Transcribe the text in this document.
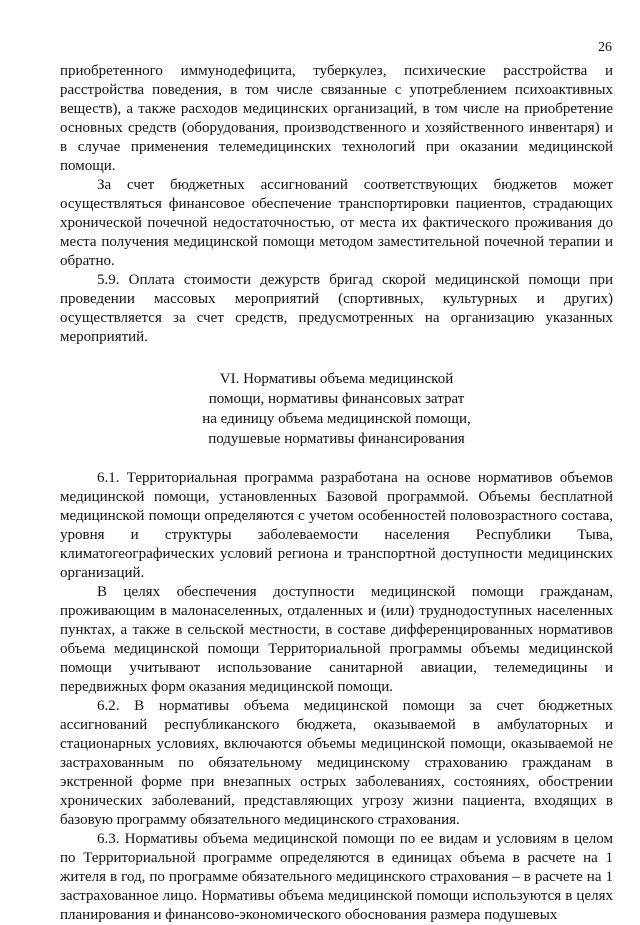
26

приобретенного иммунодефицита, туберкулез, психические расстройства и расстройства поведения, в том числе связанные с употреблением психоактивных веществ), а также расходов медицинских организаций, в том числе на приобретение основных средств (оборудования, производственного и хозяйственного инвентаря) и в случае применения телемедицинских технологий при оказании медицинской помощи.

За счет бюджетных ассигнований соответствующих бюджетов может осуществляться финансовое обеспечение транспортировки пациентов, страдающих хронической почечной недостаточностью, от места их фактического проживания до места получения медицинской помощи методом заместительной почечной терапии и обратно.

5.9. Оплата стоимости дежурств бригад скорой медицинской помощи при проведении массовых мероприятий (спортивных, культурных и других) осуществляется за счет средств, предусмотренных на организацию указанных мероприятий.

VI. Нормативы объема медицинской
помощи, нормативы финансовых затрат
на единицу объема медицинской помощи,
подушевые нормативы финансирования

6.1. Территориальная программа разработана на основе нормативов объемов медицинской помощи, установленных Базовой программой. Объемы бесплатной медицинской помощи определяются с учетом особенностей половозрастного состава, уровня и структуры заболеваемости населения Республики Тыва, климатогеографических условий региона и транспортной доступности медицинских организаций.

В целях обеспечения доступности медицинской помощи гражданам, проживающим в малонаселенных, отдаленных и (или) труднодоступных населенных пунктах, а также в сельской местности, в составе дифференцированных нормативов объема медицинской помощи Территориальной программы объемы медицинской помощи учитывают использование санитарной авиации, телемедицины и передвижных форм оказания медицинской помощи.

6.2. В нормативы объема медицинской помощи за счет бюджетных ассигнований республиканского бюджета, оказываемой в амбулаторных и стационарных условиях, включаются объемы медицинской помощи, оказываемой не застрахованным по обязательному медицинскому страхованию гражданам в экстренной форме при внезапных острых заболеваниях, состояниях, обострении хронических заболеваний, представляющих угрозу жизни пациента, входящих в базовую программу обязательного медицинского страхования.

6.3. Нормативы объема медицинской помощи по ее видам и условиям в целом по Территориальной программе определяются в единицах объема в расчете на 1 жителя в год, по программе обязательного медицинского страхования – в расчете на 1 застрахованное лицо. Нормативы объема медицинской помощи используются в целях планирования и финансово-экономического обоснования размера подушевых
